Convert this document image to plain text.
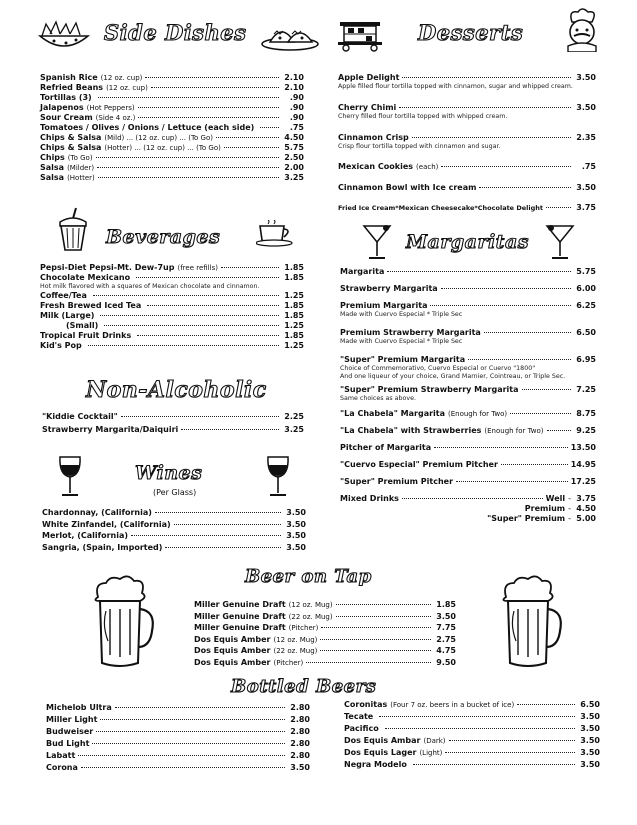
Side Dishes	Desserts
Beverages	Margaritas
Non-Alcoholic
Wines
(Per Glass)
Beer on Tap
Bottled Beers
Spanish Rice (12 oz. cup)	2.10
Refried Beans (12 oz. cup)	2.10
Tortillas (3)	.90
Jalapenos (Hot Peppers)	.90
Sour Cream (Side 4 oz.)	.90
Tomatoes / Olives / Onions / Lettuce (each side)	.75
Chips & Salsa (Mild) ... (12 oz. cup) ... (To Go)	4.50
Chips & Salsa (Hotter) ... (12 oz. cup) ... (To Go)	5.75
Chips (To Go)	2.50
Salsa (Milder)	2.00
Salsa (Hotter)	3.25
Pepsi-Diet Pepsi-Mt. Dew-7up (free refills)	1.85
Chocolate Mexicano	1.85
Hot milk flavored with a squares of Mexican chocolate and cinnamon.
Coffee/Tea	1.25
Fresh Brewed Iced Tea	1.85
Milk (Large)	1.85
(Small)	1.25
Tropical Fruit Drinks	1.85
Kid's Pop	1.25
"Kiddie Cocktail"	2.25
Strawberry Margarita/Daiquiri	3.25
Chardonnay, (California)	3.50
White Zinfandel, (California)	3.50
Merlot, (California)	3.50
Sangria, (Spain, Imported)	3.50
Apple Delight	3.50
Apple filled flour tortilla topped with cinnamon, sugar and whipped cream.
Cherry Chimi	3.50
Cherry filled flour tortilla topped with whipped cream.
Cinnamon Crisp	2.35
Crisp flour tortilla topped with cinnamon and sugar.
Mexican Cookies (each)	.75
Cinnamon Bowl with Ice cream	3.50
Fried Ice Cream*Mexican Cheesecake*Chocolate Delight	3.75
Margarita	5.75
Strawberry Margarita	6.00
Premium Margarita	6.25
Made with Cuervo Especial * Triple Sec
Premium Strawberry Margarita	6.50
Made with Cuervo Especial * Triple Sec
"Super" Premium Margarita	6.95
Choice of Commemorativo, Cuervo Especial or Cuervo "1800"
And one liqueur of your choice, Grand Marnier, Cointreau, or Triple Sec.
"Super" Premium Strawberry Margarita	7.25
Same choices as above.
"La Chabela" Margarita (Enough for Two)	8.75
"La Chabela" with Strawberries (Enough for Two)	9.25
Pitcher of Margarita	13.50
"Cuervo Especial" Premium Pitcher	14.95
"Super" Premium Pitcher	17.25
Mixed Drinks	Well - 3.75
Premium - 4.50
"Super" Premium - 5.00
Miller Genuine Draft (12 oz. Mug)	1.85
Miller Genuine Draft (22 oz. Mug)	3.50
Miller Genuine Draft (Pitcher)	7.75
Dos Equis Amber (12 oz. Mug)	2.75
Dos Equis Amber (22 oz. Mug)	4.75
Dos Equis Amber (Pitcher)	9.50
Michelob Ultra	2.80
Miller Light	2.80
Budweiser	2.80
Bud Light	2.80
Labatt	2.80
Corona	3.50
Coronitas (Four 7 oz. beers in a bucket of ice)	6.50
Tecate	3.50
Pacifico	3.50
Dos Equis Ambar (Dark)	3.50
Dos Equis Lager (Light)	3.50
Negra Modelo	3.50
